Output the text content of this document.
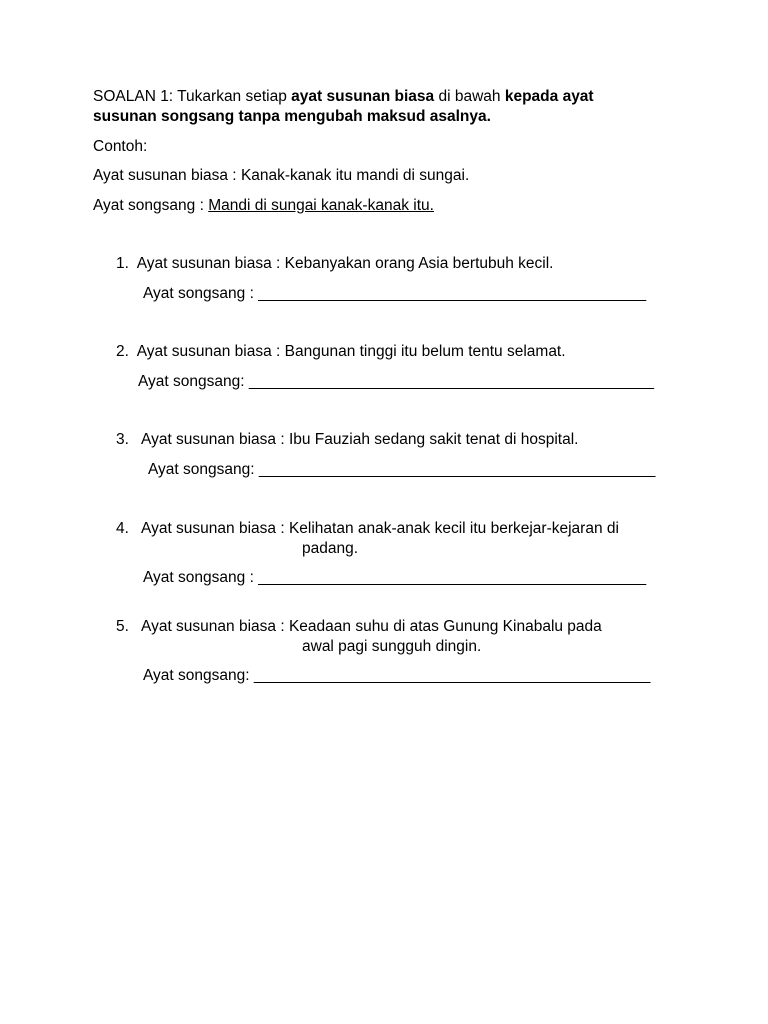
SOALAN 1: Tukarkan setiap ayat susunan biasa di bawah kepada ayat
susunan songsang tanpa mengubah maksud asalnya.
Contoh:
Ayat susunan biasa : Kanak-kanak itu mandi di sungai.
Ayat songsang : Mandi di sungai kanak-kanak itu.
1. Ayat susunan biasa : Kebanyakan orang Asia bertubuh kecil.
Ayat songsang : _____________________________________________
2. Ayat susunan biasa : Bangunan tinggi itu belum tentu selamat.
Ayat songsang: _______________________________________________
3. Ayat susunan biasa : Ibu Fauziah sedang sakit tenat di hospital.
Ayat songsang: ______________________________________________
4. Ayat susunan biasa : Kelihatan anak-anak kecil itu berkejar-kejaran di
padang.
Ayat songsang : _____________________________________________
5. Ayat susunan biasa : Keadaan suhu di atas Gunung Kinabalu pada
awal pagi sungguh dingin.
Ayat songsang: ______________________________________________
